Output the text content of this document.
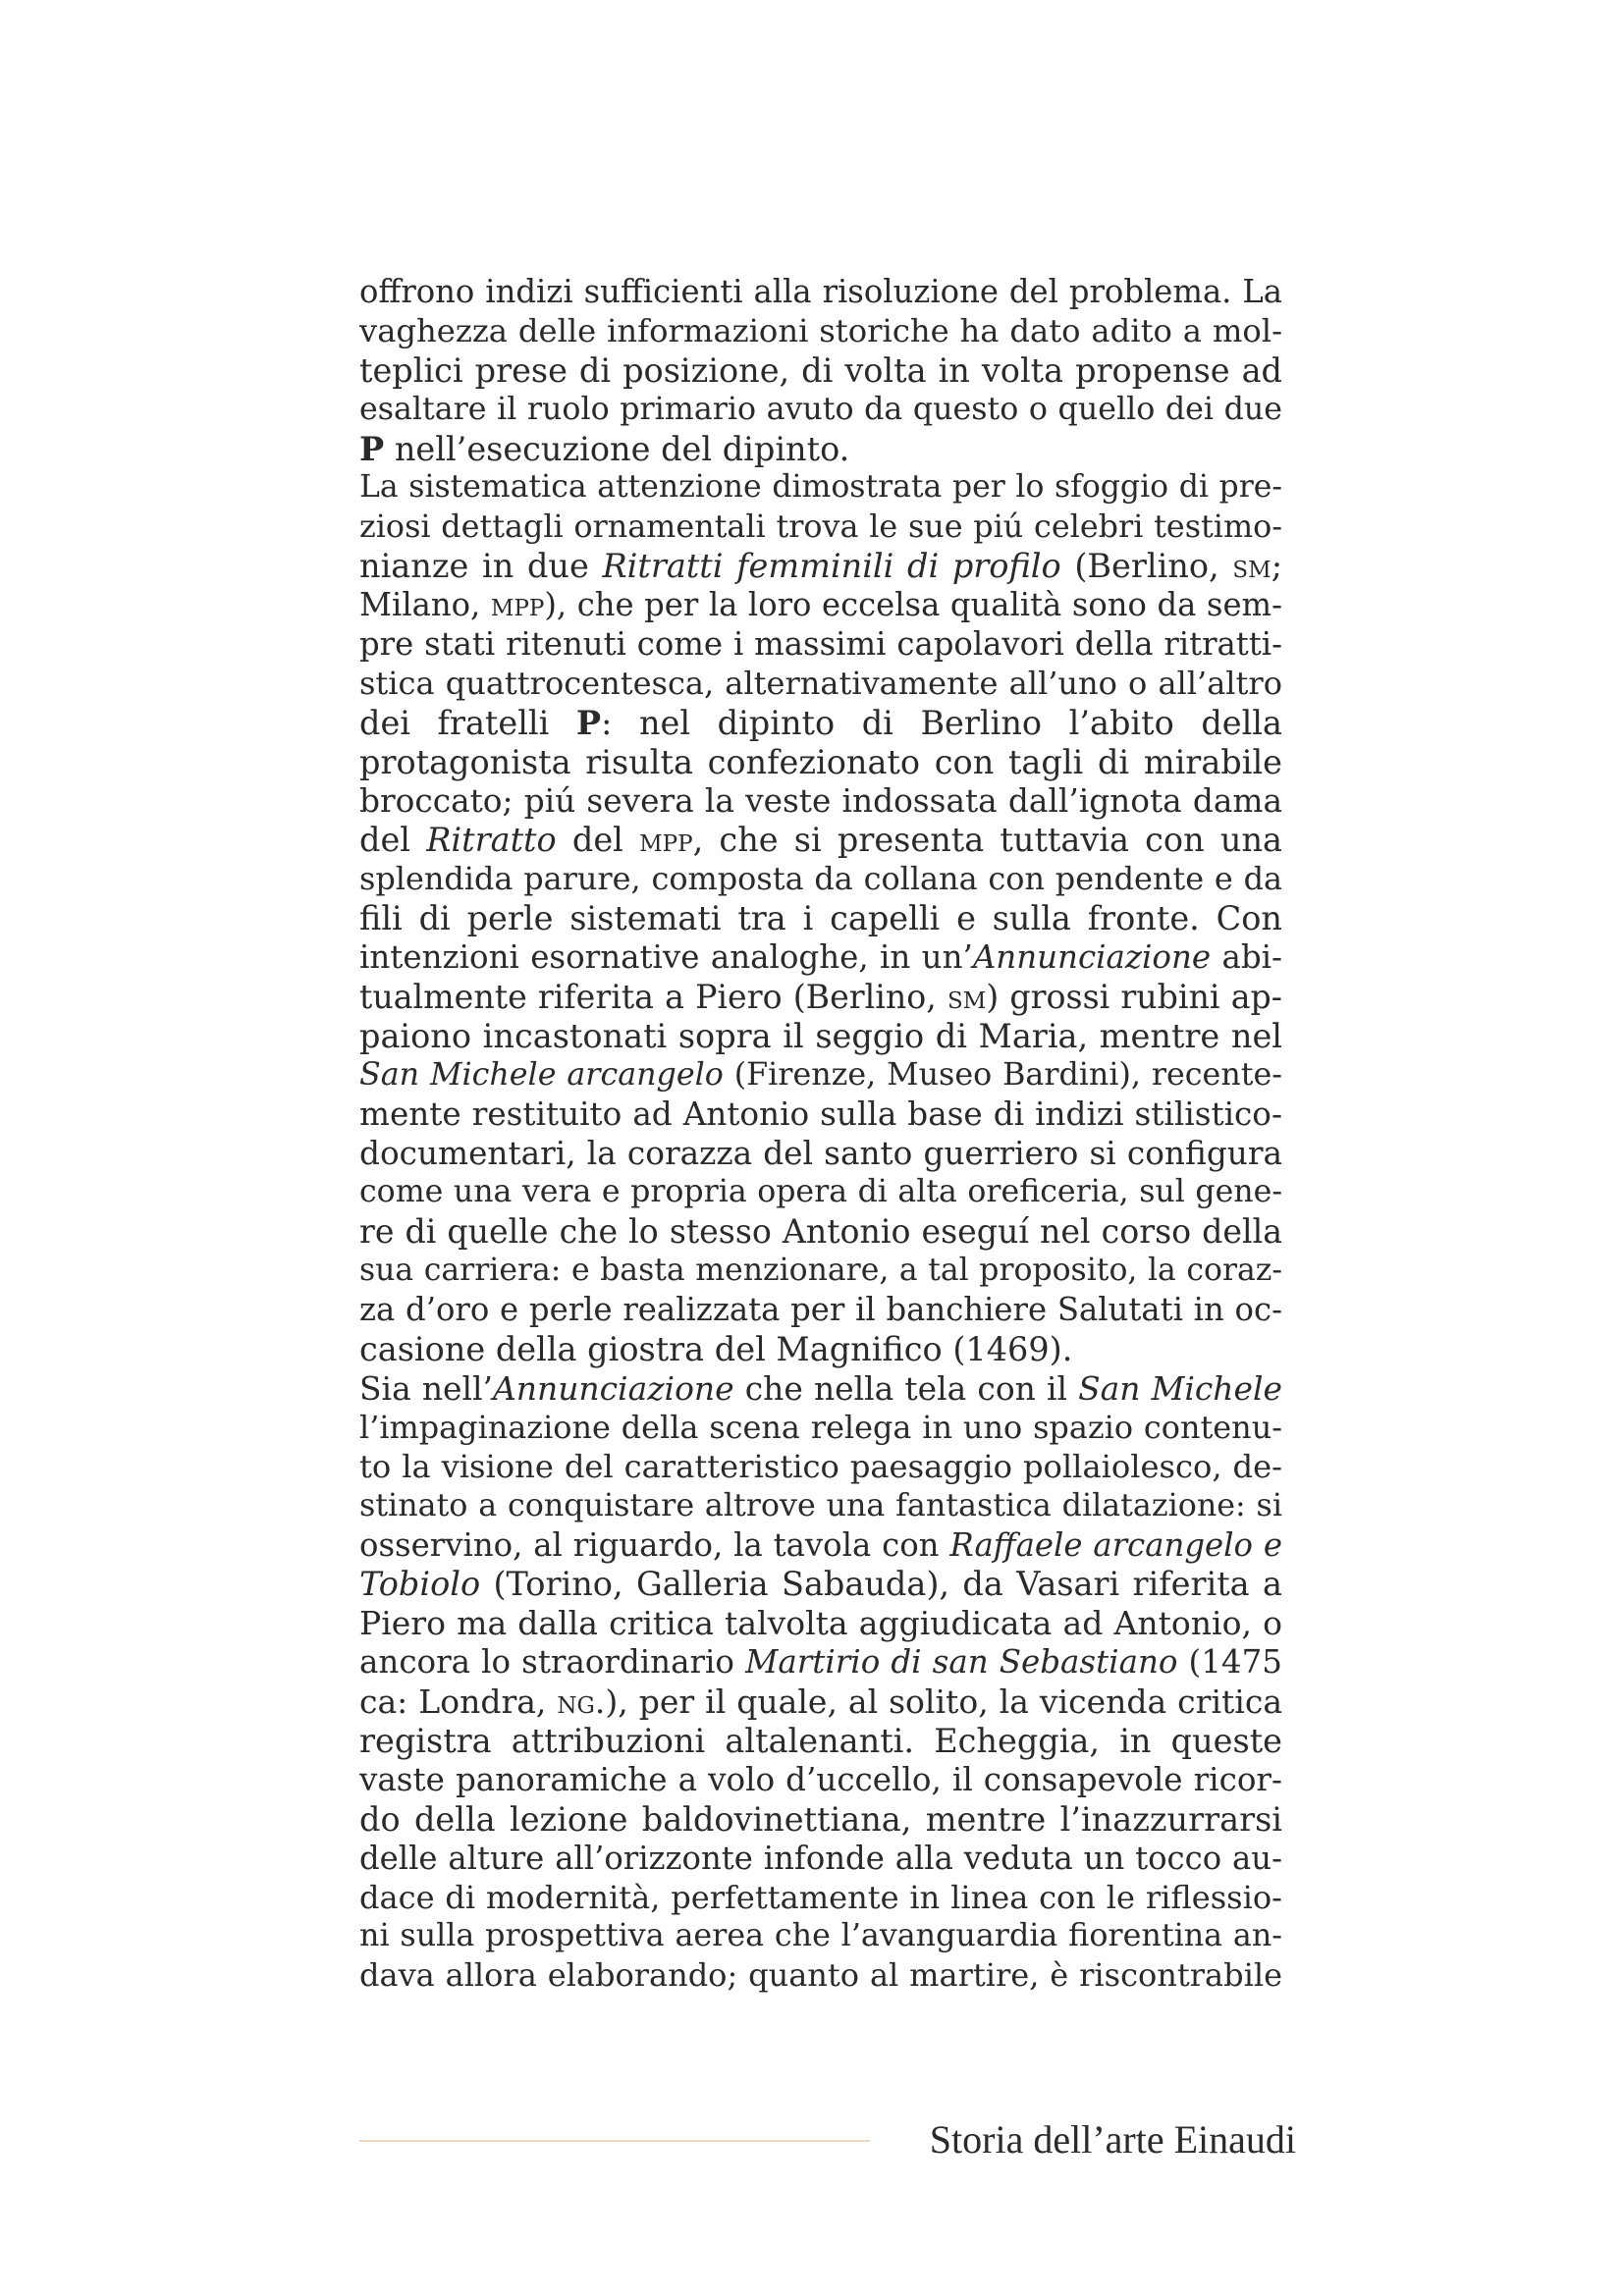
offrono indizi sufficienti alla risoluzione del problema. La
vaghezza delle informazioni storiche ha dato adito a mol-
teplici prese di posizione, di volta in volta propense ad
esaltare il ruolo primario avuto da questo o quello dei due
P nell’esecuzione del dipinto.
La sistematica attenzione dimostrata per lo sfoggio di pre-
ziosi dettagli ornamentali trova le sue piú celebri testimo-
nianze in due Ritratti femminili di profilo (Berlino, sm;
Milano, mpp), che per la loro eccelsa qualità sono da sem-
pre stati ritenuti come i massimi capolavori della ritratti-
stica quattrocentesca, alternativamente all’uno o all’altro
dei fratelli P: nel dipinto di Berlino l’abito della
protagonista risulta confezionato con tagli di mirabile
broccato; piú severa la veste indossata dall’ignota dama
del Ritratto del mpp, che si presenta tuttavia con una
splendida parure, composta da collana con pendente e da
fili di perle sistemati tra i capelli e sulla fronte. Con
intenzioni esornative analoghe, in un’Annunciazione abi-
tualmente riferita a Piero (Berlino, sm) grossi rubini ap-
paiono incastonati sopra il seggio di Maria, mentre nel
San Michele arcangelo (Firenze, Museo Bardini), recente-
mente restituito ad Antonio sulla base di indizi stilistico-
documentari, la corazza del santo guerriero si configura
come una vera e propria opera di alta oreficeria, sul gene-
re di quelle che lo stesso Antonio eseguí nel corso della
sua carriera: e basta menzionare, a tal proposito, la coraz-
za d’oro e perle realizzata per il banchiere Salutati in oc-
casione della giostra del Magnifico (1469).
Sia nell’Annunciazione che nella tela con il San Michele
l’impaginazione della scena relega in uno spazio contenu-
to la visione del caratteristico paesaggio pollaiolesco, de-
stinato a conquistare altrove una fantastica dilatazione: si
osservino, al riguardo, la tavola con Raffaele arcangelo e
Tobiolo (Torino, Galleria Sabauda), da Vasari riferita a
Piero ma dalla critica talvolta aggiudicata ad Antonio, o
ancora lo straordinario Martirio di san Sebastiano (1475
ca: Londra, ng.), per il quale, al solito, la vicenda critica
registra attribuzioni altalenanti. Echeggia, in queste
vaste panoramiche a volo d’uccello, il consapevole ricor-
do della lezione baldovinettiana, mentre l’inazzurrarsi
delle alture all’orizzonte infonde alla veduta un tocco au-
dace di modernità, perfettamente in linea con le riflessio-
ni sulla prospettiva aerea che l’avanguardia fiorentina an-
dava allora elaborando; quanto al martire, è riscontrabile
Storia dell’arte Einaudi
